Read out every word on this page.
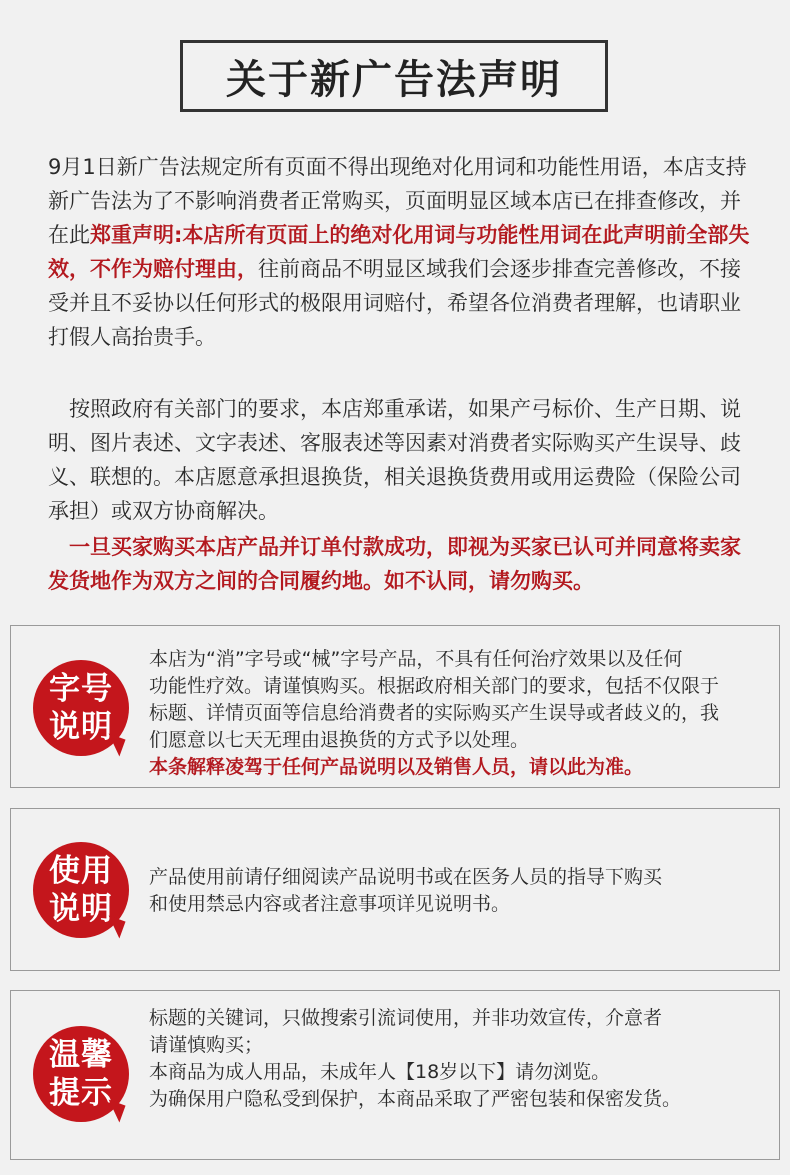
关于新广告法声明
9月1日新广告法规定所有页面不得出现绝对化用词和功能性用语，本店支持新广告法为了不影响消费者正常购买，页面明显区域本店已在排查修改，并在此郑重声明:本店所有页面上的绝对化用词与功能性用词在此声明前全部失效，不作为赔付理由，往前商品不明显区域我们会逐步排查完善修改，不接受并且不妥协以任何形式的极限用词赔付，希望各位消费者理解，也请职业打假人高抬贵手。
按照政府有关部门的要求，本店郑重承诺，如果产弓标价、生产日期、说明、图片表述、文字表述、客服表述等因素对消费者实际购买产生误导、歧义、联想的。本店愿意承担退换货，相关退换货费用或用运费险（保险公司承担）或双方协商解决。
一旦买家购买本店产品并订单付款成功，即视为买家已认可并同意将卖家发货地作为双方之间的合同履约地。如不认同，请勿购买。
字号
说明
本店为“消”字号或“械”字号产品，不具有任何治疗效果以及任何
功能性疗效。请谨慎购买。根据政府相关部门的要求，包括不仅限于
标题、详情页面等信息给消费者的实际购买产生误导或者歧义的，我
们愿意以七天无理由退换货的方式予以处理。
本条解释凌驾于任何产品说明以及销售人员，请以此为准。
使用
说明
产品使用前请仔细阅读产品说明书或在医务人员的指导下购买
和使用禁忌内容或者注意事项详见说明书。
温馨
提示
标题的关键词，只做搜索引流词使用，并非功效宣传，介意者
请谨慎购买；
本商品为成人用品，未成年人【18岁以下】请勿浏览。
为确保用户隐私受到保护，本商品采取了严密包装和保密发货。
